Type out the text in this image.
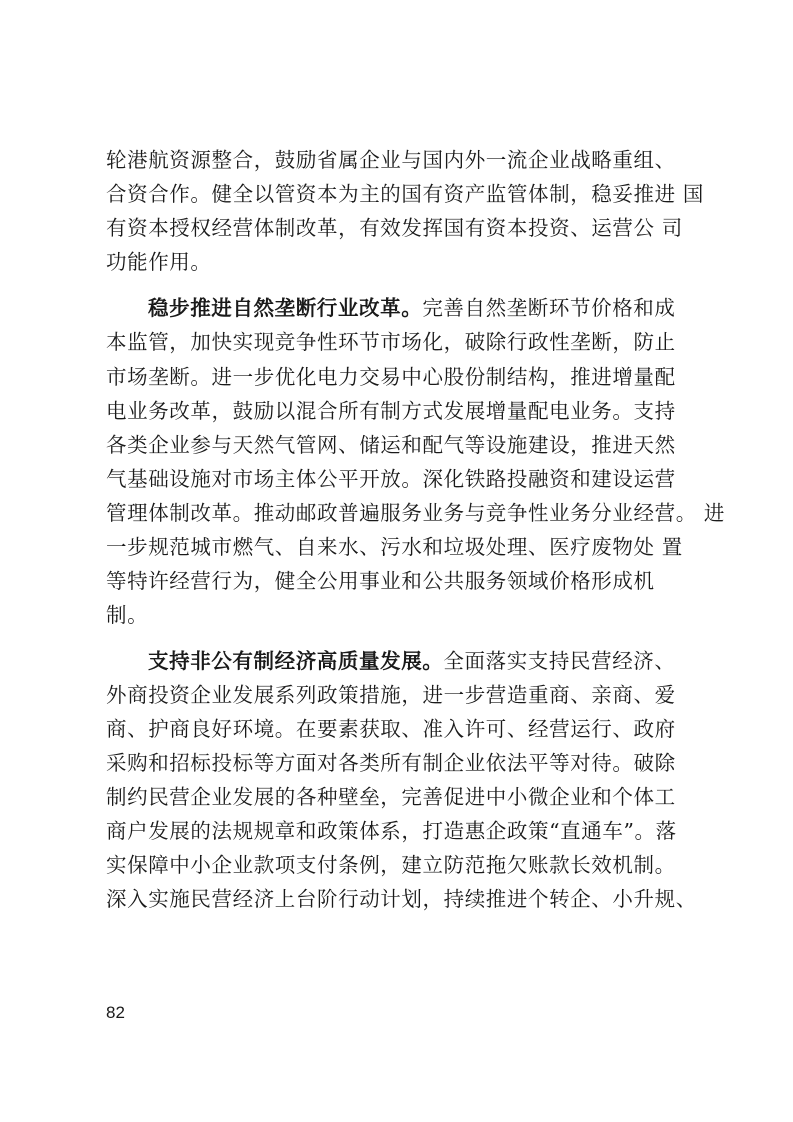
轮港航资源整合，鼓励省属企业与国内外一流企业战略重组、
合资合作。健全以管资本为主的国有资产监管体制，稳妥推进 国
有资本授权经营体制改革，有效发挥国有资本投资、运营公 司
功能作用。
稳步推进自然垄断行业改革。完善自然垄断环节价格和成
本监管，加快实现竞争性环节市场化，破除行政性垄断，防止
市场垄断。进一步优化电力交易中心股份制结构，推进增量配
电业务改革，鼓励以混合所有制方式发展增量配电业务。支持
各类企业参与天然气管网、储运和配气等设施建设，推进天然
气基础设施对市场主体公平开放。深化铁路投融资和建设运营
管理体制改革。推动邮政普遍服务业务与竞争性业务分业经营。 进
一步规范城市燃气、自来水、污水和垃圾处理、医疗废物处 置
等特许经营行为，健全公用事业和公共服务领域价格形成机
制。
支持非公有制经济高质量发展。全面落实支持民营经济、
外商投资企业发展系列政策措施，进一步营造重商、亲商、爱
商、护商良好环境。在要素获取、准入许可、经营运行、政府
采购和招标投标等方面对各类所有制企业依法平等对待。破除
制约民营企业发展的各种壁垒，完善促进中小微企业和个体工
商户发展的法规规章和政策体系，打造惠企政策“直通车”。落
实保障中小企业款项支付条例，建立防范拖欠账款长效机制。
深入实施民营经济上台阶行动计划，持续推进个转企、小升规、
82
